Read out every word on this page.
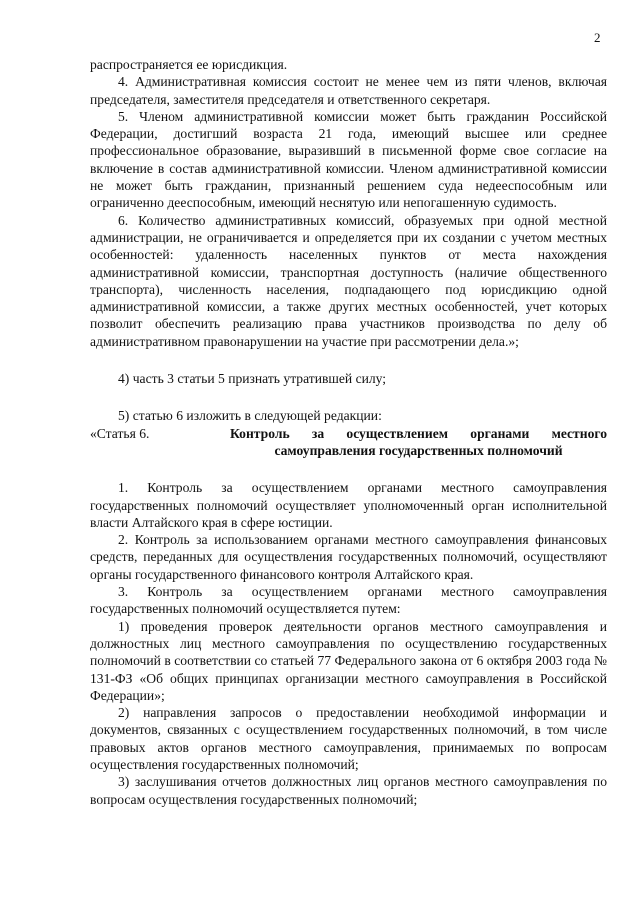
2

распространяется ее юрисдикция.

4. Административная комиссия состоит не менее чем из пяти членов, включая председателя, заместителя председателя и ответственного секретаря.

5. Членом административной комиссии может быть гражданин Российской Федерации, достигший возраста 21 года, имеющий высшее или среднее профессиональное образование, выразивший в письменной форме свое согласие на включение в состав административной комиссии. Членом административной комиссии не может быть гражданин, признанный решением суда недееспособным или ограниченно дееспособным, имеющий неснятую или непогашенную судимость.

6. Количество административных комиссий, образуемых при одной местной администрации, не ограничивается и определяется при их создании с учетом местных особенностей: удаленность населенных пунктов от места нахождения административной комиссии, транспортная доступность (наличие общественного транспорта), численность населения, подпадающего под юрисдикцию одной административной комиссии, а также других местных особенностей, учет которых позволит обеспечить реализацию права участников производства по делу об административном правонарушении на участие при рассмотрении дела.»;

4) часть 3 статьи 5 признать утратившей силу;

5) статью 6 изложить в следующей редакции:

«Статья 6.	Контроль за осуществлением органами местного самоуправления государственных полномочий

1. Контроль за осуществлением органами местного самоуправления государственных полномочий осуществляет уполномоченный орган исполнительной власти Алтайского края в сфере юстиции.

2. Контроль за использованием органами местного самоуправления финансовых средств, переданных для осуществления государственных полномочий, осуществляют органы государственного финансового контроля Алтайского края.

3. Контроль за осуществлением органами местного самоуправления государственных полномочий осуществляется путем:

1) проведения проверок деятельности органов местного самоуправления и должностных лиц местного самоуправления по осуществлению государственных полномочий в соответствии со статьей 77 Федерального закона от 6 октября 2003 года № 131-ФЗ «Об общих принципах организации местного самоуправления в Российской Федерации»;

2) направления запросов о предоставлении необходимой информации и документов, связанных с осуществлением государственных полномочий, в том числе правовых актов органов местного самоуправления, принимаемых по вопросам осуществления государственных полномочий;

3) заслушивания отчетов должностных лиц органов местного самоуправления по вопросам осуществления государственных полномочий;
